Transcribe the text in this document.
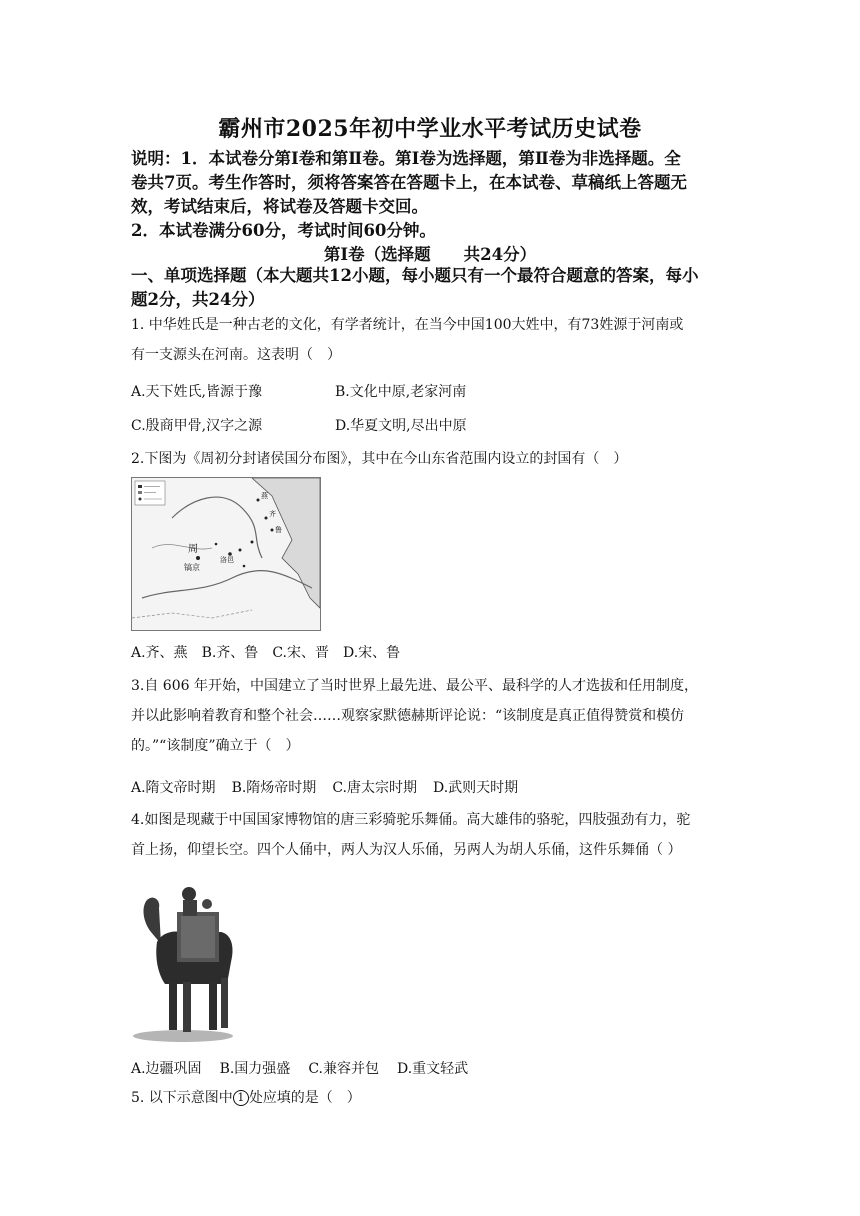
霸州市2025年初中学业水平考试历史试卷

说明：1．本试卷分第Ⅰ卷和第Ⅱ卷。第Ⅰ卷为选择题，第Ⅱ卷为非选择题。全

卷共7页。考生作答时，须将答案答在答题卡上，在本试卷、草稿纸上答题无

效，考试结束后，将试卷及答题卡交回。

2．本试卷满分60分，考试时间60分钟。

第Ⅰ卷（选择题　　共24分）
一、单项选择题（本大题共12小题，每小题只有一个最符合题意的答案，每小
题2分，共24分）

1. 中华姓氏是一种古老的文化，有学者统计，在当今中国100大姓中，有73姓源于河南或

有一支源头在河南。这表明（　）

A.天下姓氏,皆源于豫	B.文化中原,老家河南
C.殷商甲骨,汉字之源	D.华夏文明,尽出中原

2.下图为《周初分封诸侯国分布图》，其中在今山东省范围内设立的封国有（　）

周
镐京
洛邑
燕
齐
鲁
A.齐、燕 B.齐、鲁 C.宋、晋 D.宋、鲁

3.自 606 年开始，中国建立了当时世界上最先进、最公平、最科学的人才选拔和任用制度，

并以此影响着教育和整个社会……观察家默德赫斯评论说：“该制度是真正值得赞赏和模仿

的。”“该制度”确立于（　）

A.隋文帝时期 B.隋炀帝时期 C.唐太宗时期 D.武则天时期

4.如图是现藏于中国国家博物馆的唐三彩骑驼乐舞俑。高大雄伟的骆驼，四肢强劲有力，驼

首上扬，仰望长空。四个人俑中，两人为汉人乐俑，另两人为胡人乐俑，这件乐舞俑（ ）

A.边疆巩固 B.国力强盛 C.兼容并包 D.重文轻武

5. 以下示意图中 1 处应填的是（　）
